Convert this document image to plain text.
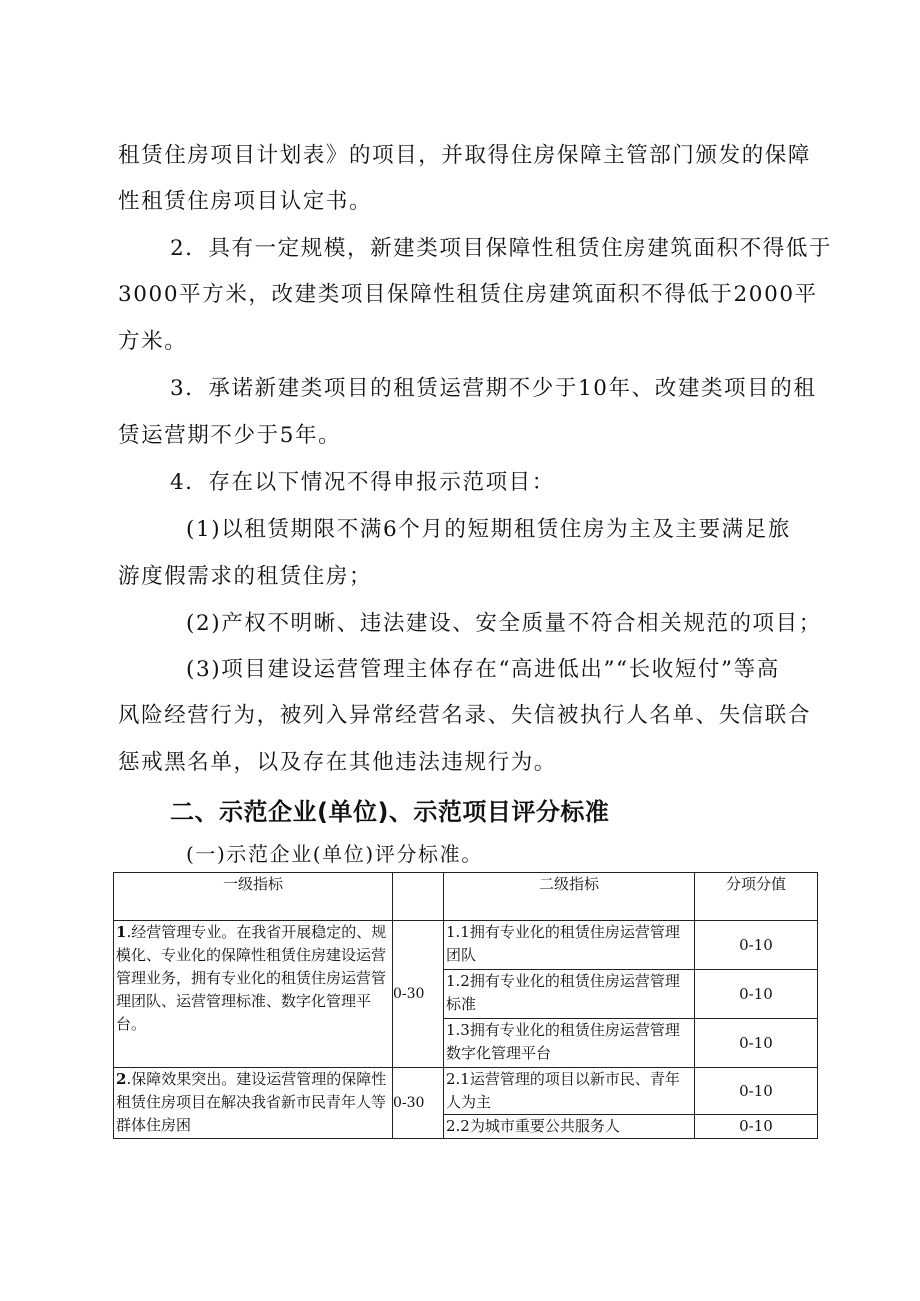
租赁住房项目计划表》的项目，并取得住房保障主管部门颁发的保障
性租赁住房项目认定书。
2．具有一定规模，新建类项目保障性租赁住房建筑面积不得低于
3000平方米，改建类项目保障性租赁住房建筑面积不得低于2000平
方米。
3．承诺新建类项目的租赁运营期不少于10年、改建类项目的租
赁运营期不少于5年。
4．存在以下情况不得申报示范项目：
(1)以租赁期限不满6个月的短期租赁住房为主及主要满足旅
游度假需求的租赁住房；
(2)产权不明晰、违法建设、安全质量不符合相关规范的项目；
(3)项目建设运营管理主体存在“高进低出”“长收短付”等高
风险经营行为，被列入异常经营名录、失信被执行人名单、失信联合
惩戒黑名单，以及存在其他违法违规行为。
二、示范企业(单位)、示范项目评分标准
(一)示范企业(单位)评分标准。
一级指标		二级指标	分项分值
1.经营管理专业。在我省开展稳定的、规模化、专业化的保障性租赁住房建设运营管理业务，拥有专业化的租赁住房运营管理团队、运营管理标准、数字化管理平台。	0-30	1.1拥有专业化的租赁住房运营管理团队	0-10
		1.2拥有专业化的租赁住房运营管理标准	0-10
		1.3拥有专业化的租赁住房运营管理数字化管理平台	0-10
2.保障效果突出。建设运营管理的保障性租赁住房项目在解决我省新市民青年人等群体住房困	0-30	2.1运营管理的项目以新市民、青年人为主	0-10
		2.2为城市重要公共服务人	0-10
